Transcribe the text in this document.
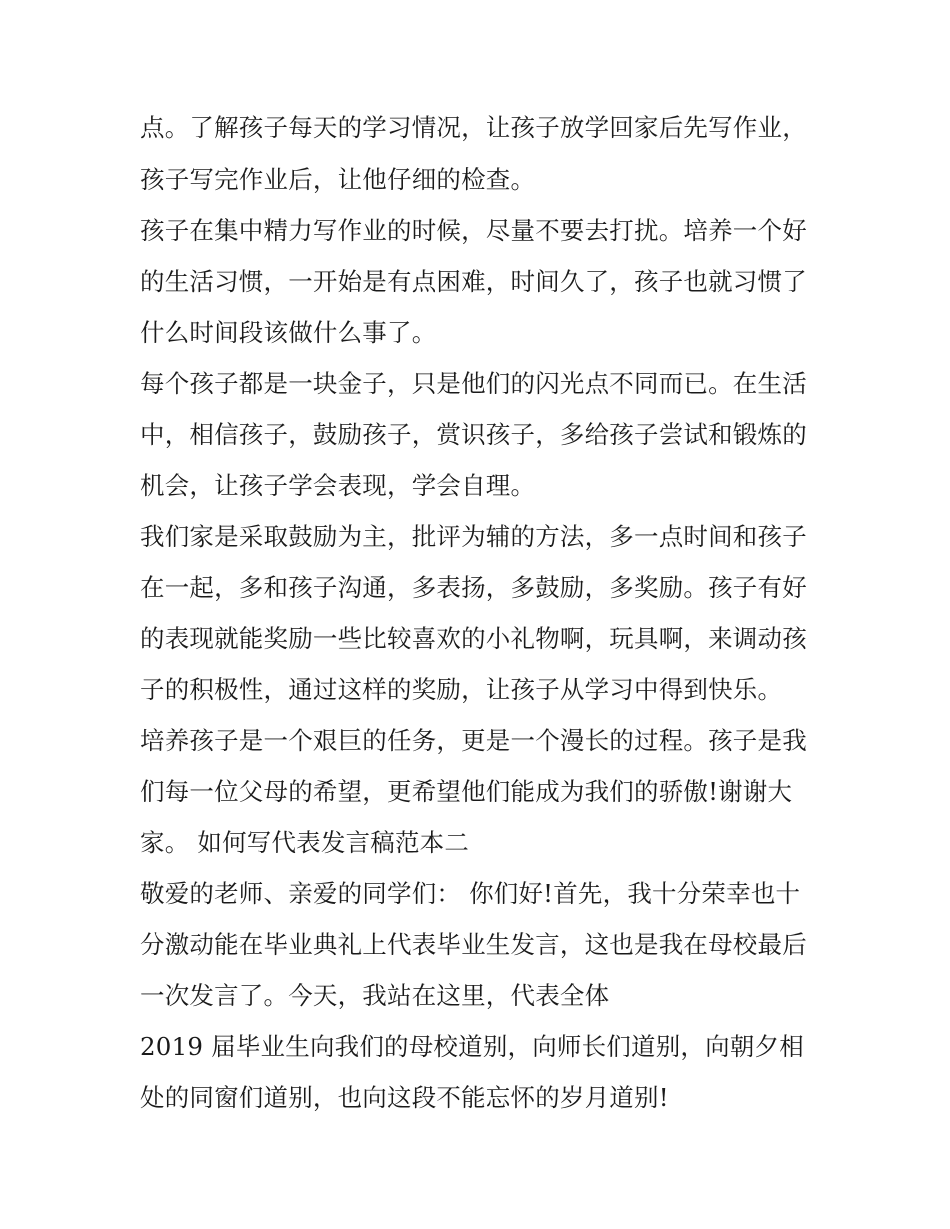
点。了解孩子每天的学习情况，让孩子放学回家后先写作业，
孩子写完作业后，让他仔细的检查。
孩子在集中精力写作业的时候，尽量不要去打扰。培养一个好
的生活习惯，一开始是有点困难，时间久了，孩子也就习惯了
什么时间段该做什么事了。
每个孩子都是一块金子，只是他们的闪光点不同而已。在生活
中，相信孩子，鼓励孩子，赏识孩子，多给孩子尝试和锻炼的
机会，让孩子学会表现，学会自理。
我们家是采取鼓励为主，批评为辅的方法，多一点时间和孩子
在一起，多和孩子沟通，多表扬，多鼓励，多奖励。孩子有好
的表现就能奖励一些比较喜欢的小礼物啊，玩具啊，来调动孩
子的积极性，通过这样的奖励，让孩子从学习中得到快乐。
培养孩子是一个艰巨的任务，更是一个漫长的过程。孩子是我
们每一位父母的希望，更希望他们能成为我们的骄傲!谢谢大
家。 如何写代表发言稿范本二
敬爱的老师、亲爱的同学们： 你们好!首先，我十分荣幸也十
分激动能在毕业典礼上代表毕业生发言，这也是我在母校最后
一次发言了。今天，我站在这里，代表全体
2019 届毕业生向我们的母校道别，向师长们道别，向朝夕相
处的同窗们道别，也向这段不能忘怀的岁月道别!
